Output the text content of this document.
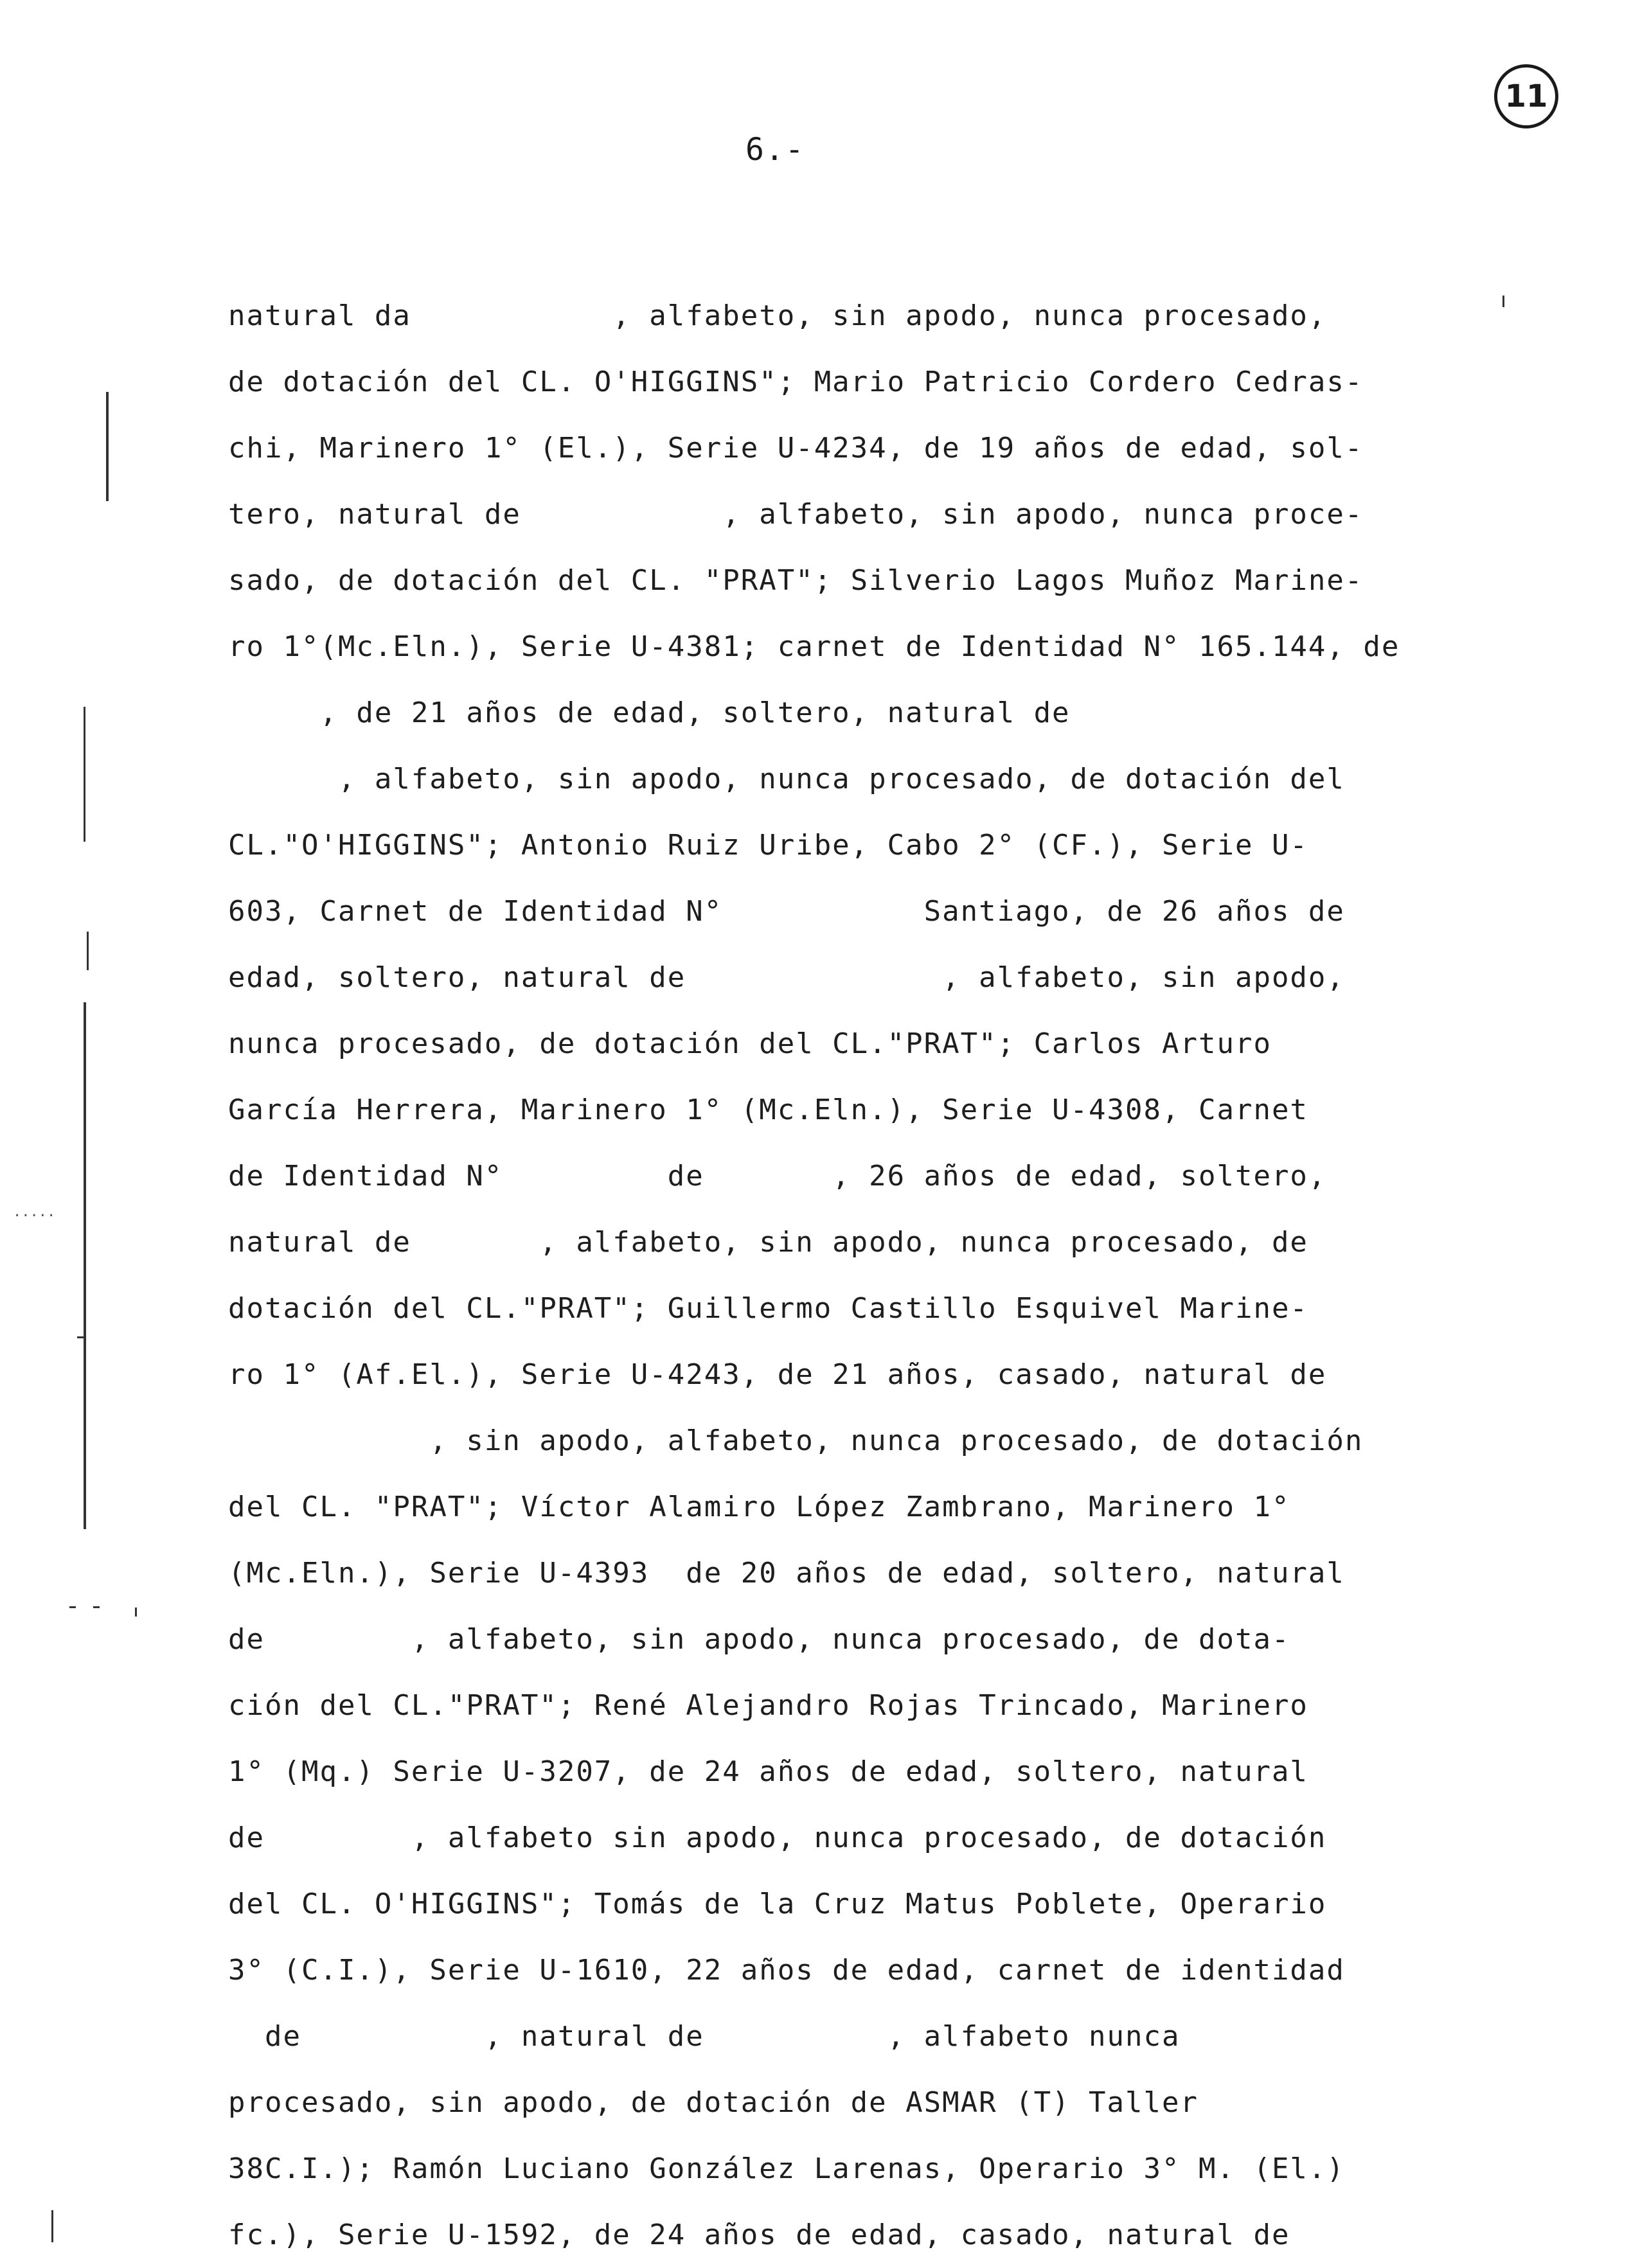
11
6.-
·····
natural da           , alfabeto, sin apodo, nunca procesado,
de dotación del CL. O'HIGGINS"; Mario Patricio Cordero Cedras-
chi, Marinero 1° (El.), Serie U-4234, de 19 años de edad, sol-
tero, natural de           , alfabeto, sin apodo, nunca proce-
sado, de dotación del CL. "PRAT"; Silverio Lagos Muñoz Marine-
ro 1°(Mc.Eln.), Serie U-4381; carnet de Identidad N° 165.144, de
, de 21 años de edad, soltero, natural de
, alfabeto, sin apodo, nunca procesado, de dotación del
CL."O'HIGGINS"; Antonio Ruiz Uribe, Cabo 2° (CF.), Serie U-
603, Carnet de Identidad N°           Santiago, de 26 años de
edad, soltero, natural de              , alfabeto, sin apodo,
nunca procesado, de dotación del CL."PRAT"; Carlos Arturo
García Herrera, Marinero 1° (Mc.Eln.), Serie U-4308, Carnet
de Identidad N°         de       , 26 años de edad, soltero,
natural de       , alfabeto, sin apodo, nunca procesado, de
dotación del CL."PRAT"; Guillermo Castillo Esquivel Marine-
ro 1° (Af.El.), Serie U-4243, de 21 años, casado, natural de
, sin apodo, alfabeto, nunca procesado, de dotación
del CL. "PRAT"; Víctor Alamiro López Zambrano, Marinero 1°
(Mc.Eln.), Serie U-4393  de 20 años de edad, soltero, natural
de        , alfabeto, sin apodo, nunca procesado, de dota-
ción del CL."PRAT"; René Alejandro Rojas Trincado, Marinero
1° (Mq.) Serie U-3207, de 24 años de edad, soltero, natural
de        , alfabeto sin apodo, nunca procesado, de dotación
del CL. O'HIGGINS"; Tomás de la Cruz Matus Poblete, Operario
3° (C.I.), Serie U-1610, 22 años de edad, carnet de identidad
de          , natural de          , alfabeto nunca
procesado, sin apodo, de dotación de ASMAR (T) Taller
38C.I.); Ramón Luciano González Larenas, Operario 3° M. (El.)
fc.), Serie U-1592, de 24 años de edad, casado, natural de
